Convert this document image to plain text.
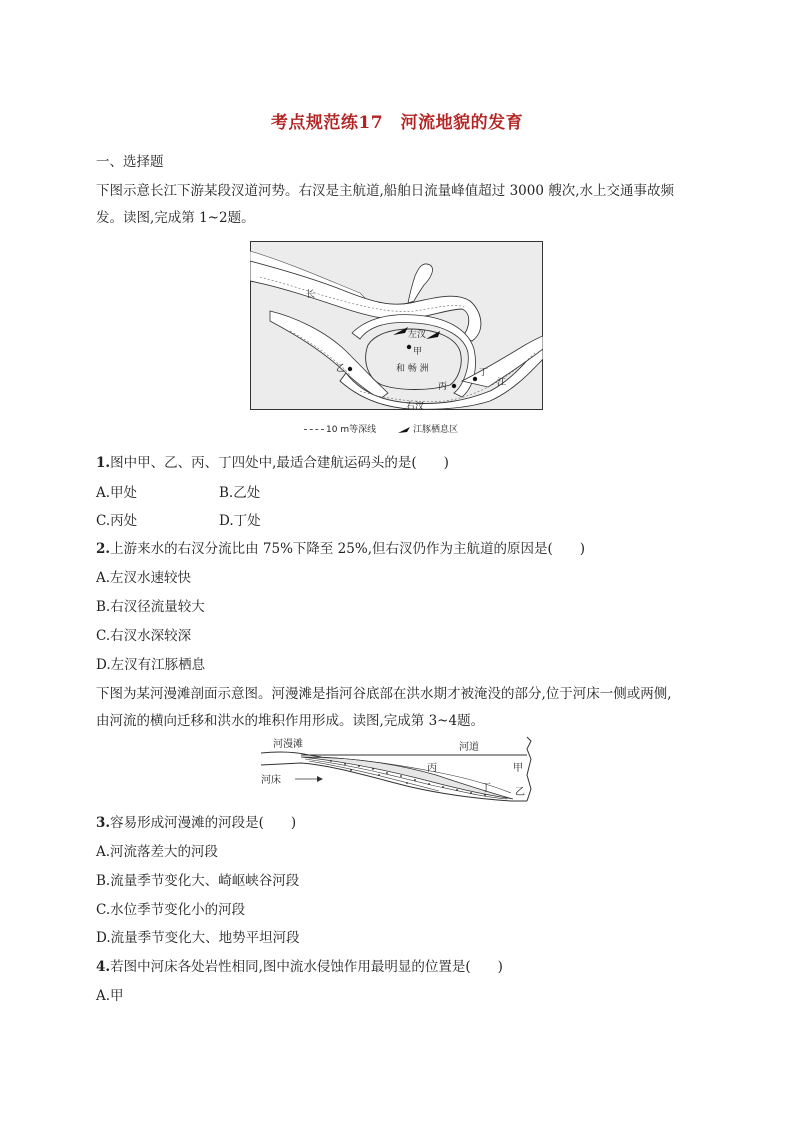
考点规范练17　河流地貌的发育
一、选择题
下图示意长江下游某段汊道河势。右汊是主航道,船舶日流量峰值超过 3000 艘次,水上交通事故频
发。读图,完成第 1~2题。
长
江
左汊
右汊
甲
乙
丙
丁
和 畅 洲
10 m等深线	江豚栖息区
1.图中甲、乙、丙、丁四处中,最适合建航运码头的是(　　)
A.甲处	B.乙处
C.丙处	D.丁处
2.上游来水的右汊分流比由 75%下降至 25%,但右汊仍作为主航道的原因是(　　)
A.左汊水速较快
B.右汊径流量较大
C.右汊水深较深
D.左汊有江豚栖息
下图为某河漫滩剖面示意图。河漫滩是指河谷底部在洪水期才被淹没的部分,位于河床一侧或两侧,
由河流的横向迁移和洪水的堆积作用形成。读图,完成第 3~4题。
河漫滩	河道
河床
丙	甲
丁 乙
3.容易形成河漫滩的河段是(　　)
A.河流落差大的河段
B.流量季节变化大、崎岖峡谷河段
C.水位季节变化小的河段
D.流量季节变化大、地势平坦河段
4.若图中河床各处岩性相同,图中流水侵蚀作用最明显的位置是(　　)
A.甲
